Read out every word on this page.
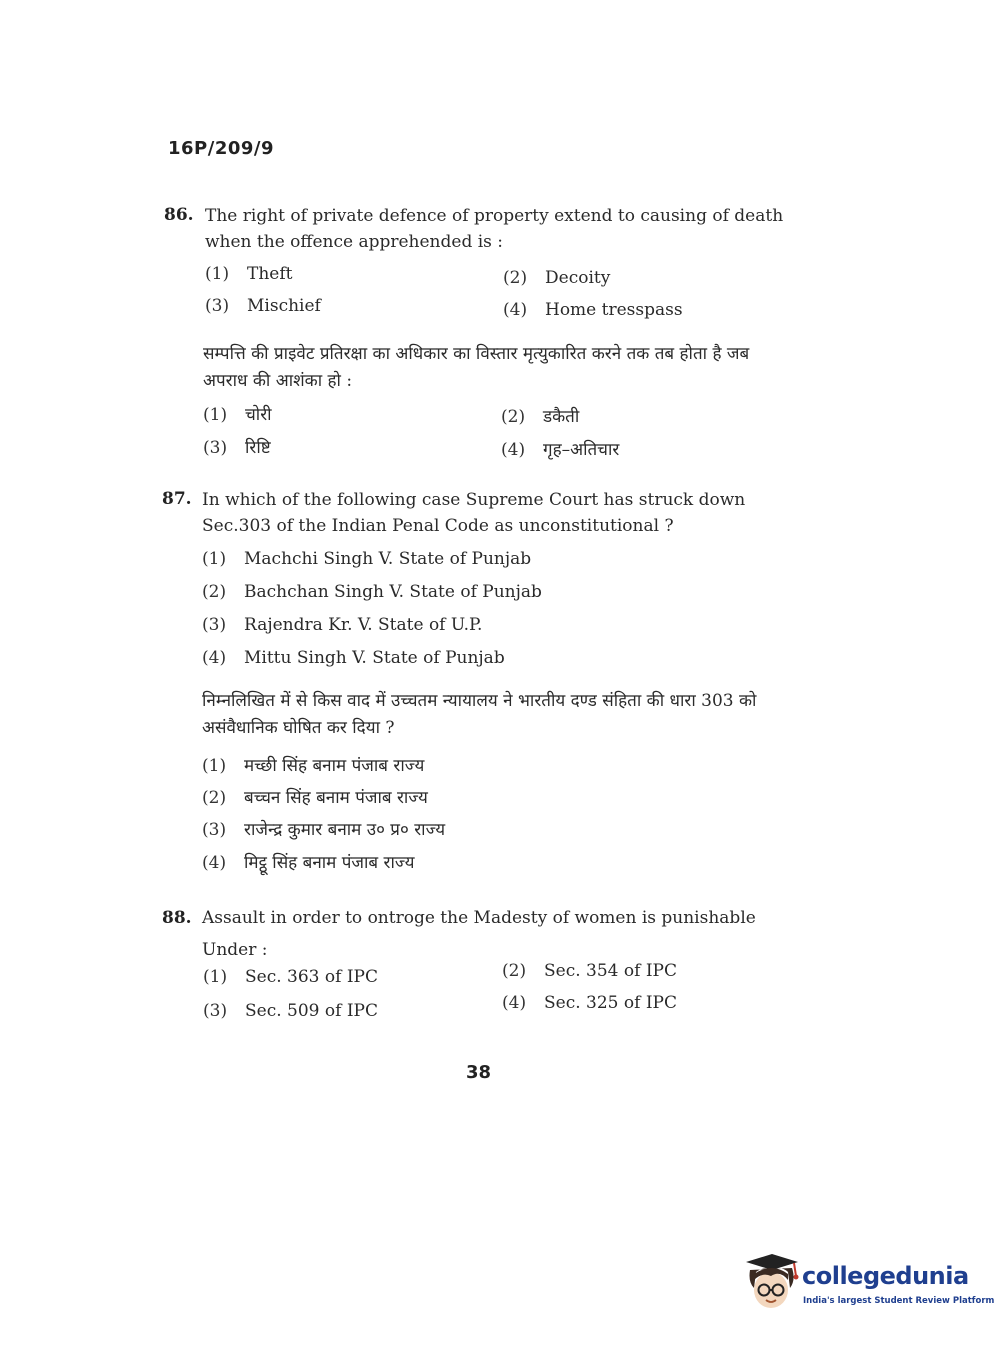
16P/209/9
86. The right of private defence of property extend to causing of death when the offence apprehended is :
(1) Theft	(2) Decoity
(3) Mischief	(4) Home tresspass
सम्पत्ति की प्राइवेट प्रतिरक्षा का अधिकार का विस्तार मृत्युकारित करने तक तब होता है जब अपराध की आशंका हो :
(1) चोरी	(2) डकैती
(3) रिष्टि	(4) गृह–अतिचार
87. In which of the following case Supreme Court has struck down Sec.303 of the Indian Penal Code as unconstitutional ?
(1) Machchi Singh V. State of Punjab
(2) Bachchan Singh V. State of Punjab
(3) Rajendra Kr. V. State of U.P.
(4) Mittu Singh V. State of Punjab
निम्नलिखित में से किस वाद में उच्चतम न्यायालय ने भारतीय दण्ड संहिता की धारा 303 को असंवैधानिक घोषित कर दिया ?
(1) मच्छी सिंह बनाम पंजाब राज्य
(2) बच्चन सिंह बनाम पंजाब राज्य
(3) राजेन्द्र कुमार बनाम उ० प्र० राज्य
(4) मिट्ठू सिंह बनाम पंजाब राज्य
88. Assault in order to ontroge the Madesty of women is punishable Under :
(1) Sec. 363 of IPC	(2) Sec. 354 of IPC
(3) Sec. 509 of IPC	(4) Sec. 325 of IPC
38
collegedunia
India's largest Student Review Platform
